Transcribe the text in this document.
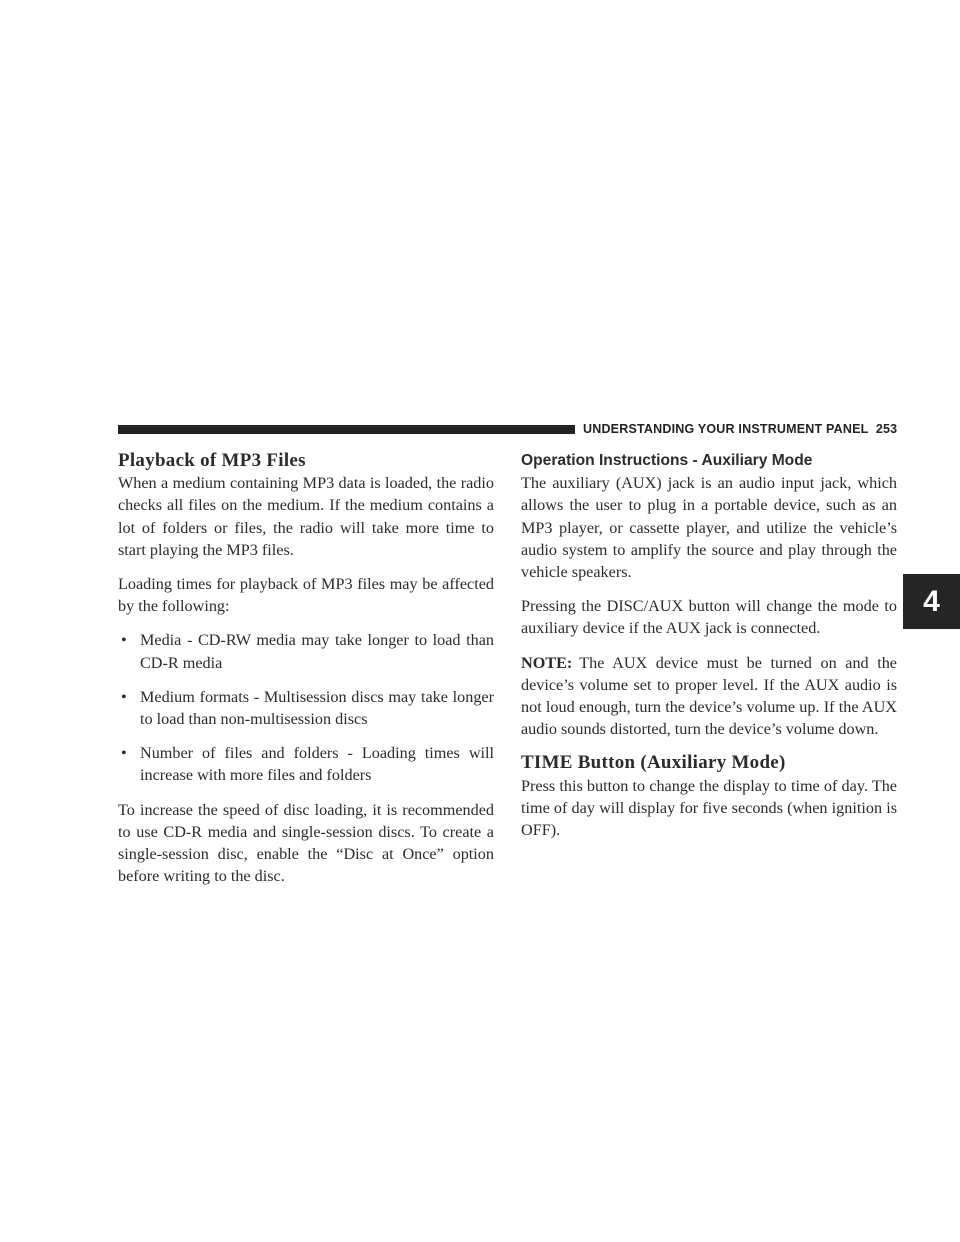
UNDERSTANDING YOUR INSTRUMENT PANEL 253
4
Playback of MP3 Files

When a medium containing MP3 data is loaded, the radio checks all files on the medium. If the medium contains a lot of folders or files, the radio will take more time to start playing the MP3 files.

Loading times for playback of MP3 files may be affected by the following:

• Media - CD-RW media may take longer to load than CD-R media
• Medium formats - Multisession discs may take longer to load than non-multisession discs
• Number of files and folders - Loading times will increase with more files and folders

To increase the speed of disc loading, it is recommended to use CD-R media and single-session discs. To create a single-session disc, enable the “Disc at Once” option before writing to the disc.

Operation Instructions - Auxiliary Mode

The auxiliary (AUX) jack is an audio input jack, which allows the user to plug in a portable device, such as an MP3 player, or cassette player, and utilize the vehicle’s audio system to amplify the source and play through the vehicle speakers.

Pressing the DISC/AUX button will change the mode to auxiliary device if the AUX jack is connected.

NOTE: The AUX device must be turned on and the device’s volume set to proper level. If the AUX audio is not loud enough, turn the device’s volume up. If the AUX audio sounds distorted, turn the device’s volume down.

TIME Button (Auxiliary Mode)

Press this button to change the display to time of day. The time of day will display for five seconds (when ignition is OFF).
